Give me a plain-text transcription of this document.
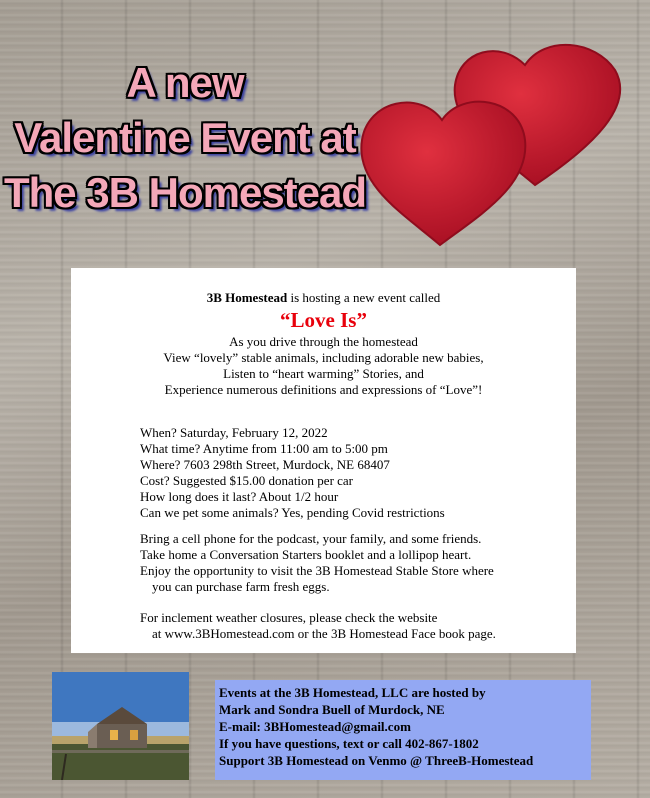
A new
Valentine Event at
The 3B Homestead
3B Homestead is hosting a new event called
“Love Is”
As you drive through the homestead
View “lovely” stable animals, including adorable new babies,
Listen to “heart warming” Stories, and
Experience numerous definitions and expressions of “Love”!
When? Saturday, February 12, 2022
What time? Anytime from 11:00 am to 5:00 pm
Where? 7603 298th Street, Murdock, NE 68407
Cost? Suggested $15.00 donation per car
How long does it last? About 1/2 hour
Can we pet some animals? Yes, pending Covid restrictions
Bring a cell phone for the podcast, your family, and some friends.
Take home a Conversation Starters booklet and a lollipop heart.
Enjoy the opportunity to visit the 3B Homestead Stable Store where
you can purchase farm fresh eggs.
For inclement weather closures, please check the website
at www.3BHomestead.com or the 3B Homestead Face book page.
Events at the 3B Homestead, LLC are hosted by
Mark and Sondra Buell of Murdock, NE
E-mail: 3BHomestead@gmail.com
If you have questions, text or call 402-867-1802
Support 3B Homestead on Venmo @ ThreeB-Homestead
